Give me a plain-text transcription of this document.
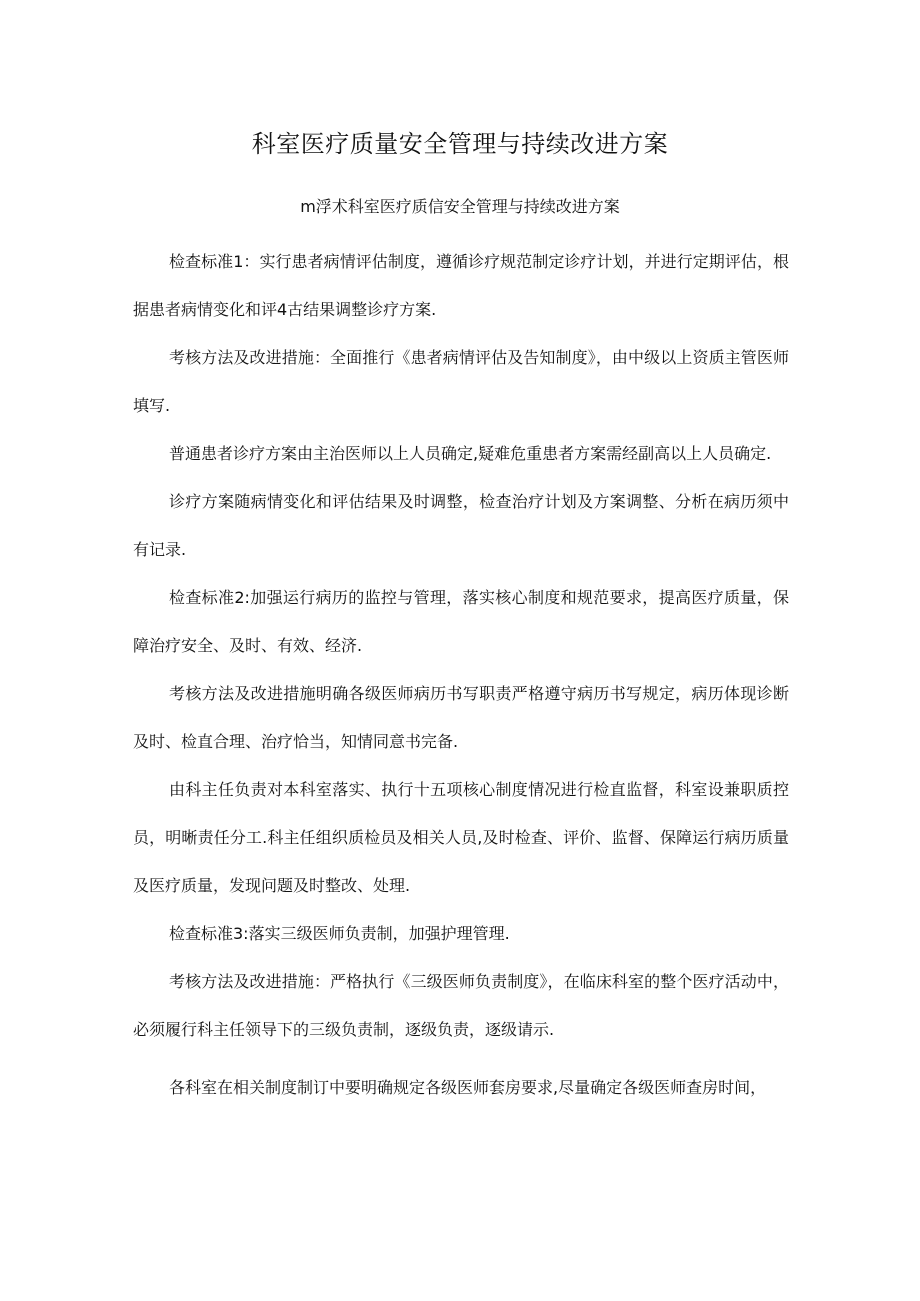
科室医疗质量安全管理与持续改进方案
m浮术科室医疗质信安全管理与持续改进方案

检查标准1：实行患者病情评估制度，遵循诊疗规范制定诊疗计划，并进行定期评估，根据患者病情变化和评4古结果调整诊疗方案.

考核方法及改进措施：全面推行《患者病情评估及告知制度》，由中级以上资质主管医师填写.

普通患者诊疗方案由主治医师以上人员确定,疑难危重患者方案需经副高以上人员确定.

诊疗方案随病情变化和评估结果及时调整，检查治疗计划及方案调整、分析在病历须中有记录.

检查标准2:加强运行病历的监控与管理，落实核心制度和规范要求，提高医疗质量，保障治疗安全、及时、有效、经济.

考核方法及改进措施明确各级医师病历书写职责严格遵守病历书写规定，病历体现诊断及时、检直合理、治疗恰当，知情同意书完备.

由科主任负责对本科室落实、执行十五项核心制度情况进行检直监督，科室设兼职质控员，明晰责任分工.科主任组织质检员及相关人员,及时检查、评价、监督、保障运行病历质量及医疗质量，发现问题及时整改、处理.

检查标准3:落实三级医师负责制，加强护理管理.

考核方法及改进措施：严格执行《三级医师负责制度》，在临床科室的整个医疗活动中，必须履行科主任领导下的三级负责制，逐级负责，逐级请示.

各科室在相关制度制订中要明确规定各级医师套房要求,尽量确定各级医师查房时间，
